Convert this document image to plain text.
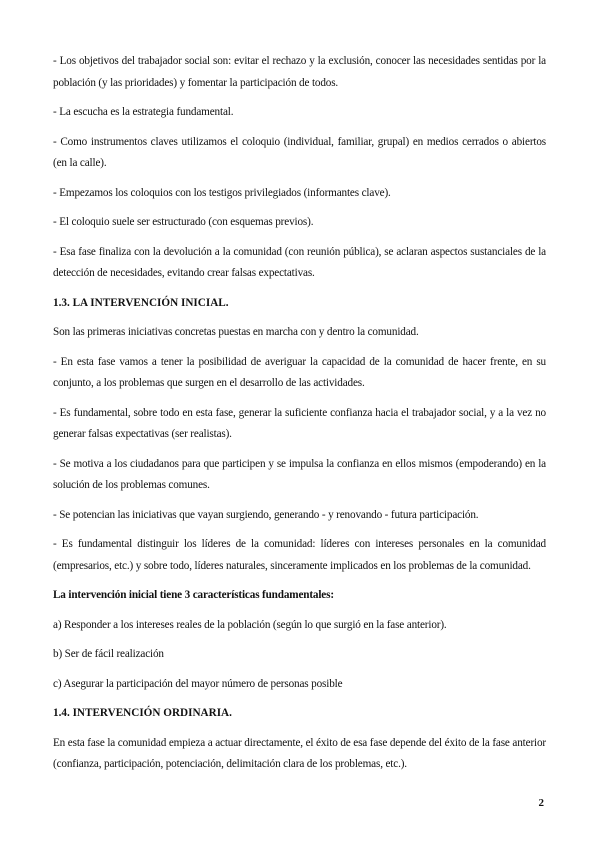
- Los objetivos del trabajador social son: evitar el rechazo y la exclusión, conocer las necesidades sentidas por la población (y las prioridades) y fomentar la participación de todos.

- La escucha es la estrategia fundamental.

- Como instrumentos claves utilizamos el coloquio (individual, familiar, grupal) en medios cerrados o abiertos (en la calle).

- Empezamos los coloquios con los testigos privilegiados (informantes clave).

- El coloquio suele ser estructurado (con esquemas previos).

- Esa fase finaliza con la devolución a la comunidad (con reunión pública), se aclaran aspectos sustanciales de la detección de necesidades, evitando crear falsas expectativas.

1.3. LA INTERVENCIÓN INICIAL.

Son las primeras iniciativas concretas puestas en marcha con y dentro la comunidad.

- En esta fase vamos a tener la posibilidad de averiguar la capacidad de la comunidad de hacer frente, en su conjunto, a los problemas que surgen en el desarrollo de las actividades.

- Es fundamental, sobre todo en esta fase, generar la suficiente confianza hacia el trabajador social, y a la vez no generar falsas expectativas (ser realistas).

- Se motiva a los ciudadanos para que participen y se impulsa la confianza en ellos mismos (empoderando) en la solución de los problemas comunes.

- Se potencian las iniciativas que vayan surgiendo, generando - y renovando - futura participación.

- Es fundamental distinguir los líderes de la comunidad: líderes con intereses personales en la comunidad (empresarios, etc.) y sobre todo, líderes naturales, sinceramente implicados en los problemas de la comunidad.

La intervención inicial tiene 3 características fundamentales:

a) Responder a los intereses reales de la población (según lo que surgió en la fase anterior).

b) Ser de fácil realización

c) Asegurar la participación del mayor número de personas posible

1.4. INTERVENCIÓN ORDINARIA.

En esta fase la comunidad empieza a actuar directamente, el éxito de esa fase depende del éxito de la fase anterior (confianza, participación, potenciación, delimitación clara de los problemas, etc.).

2
